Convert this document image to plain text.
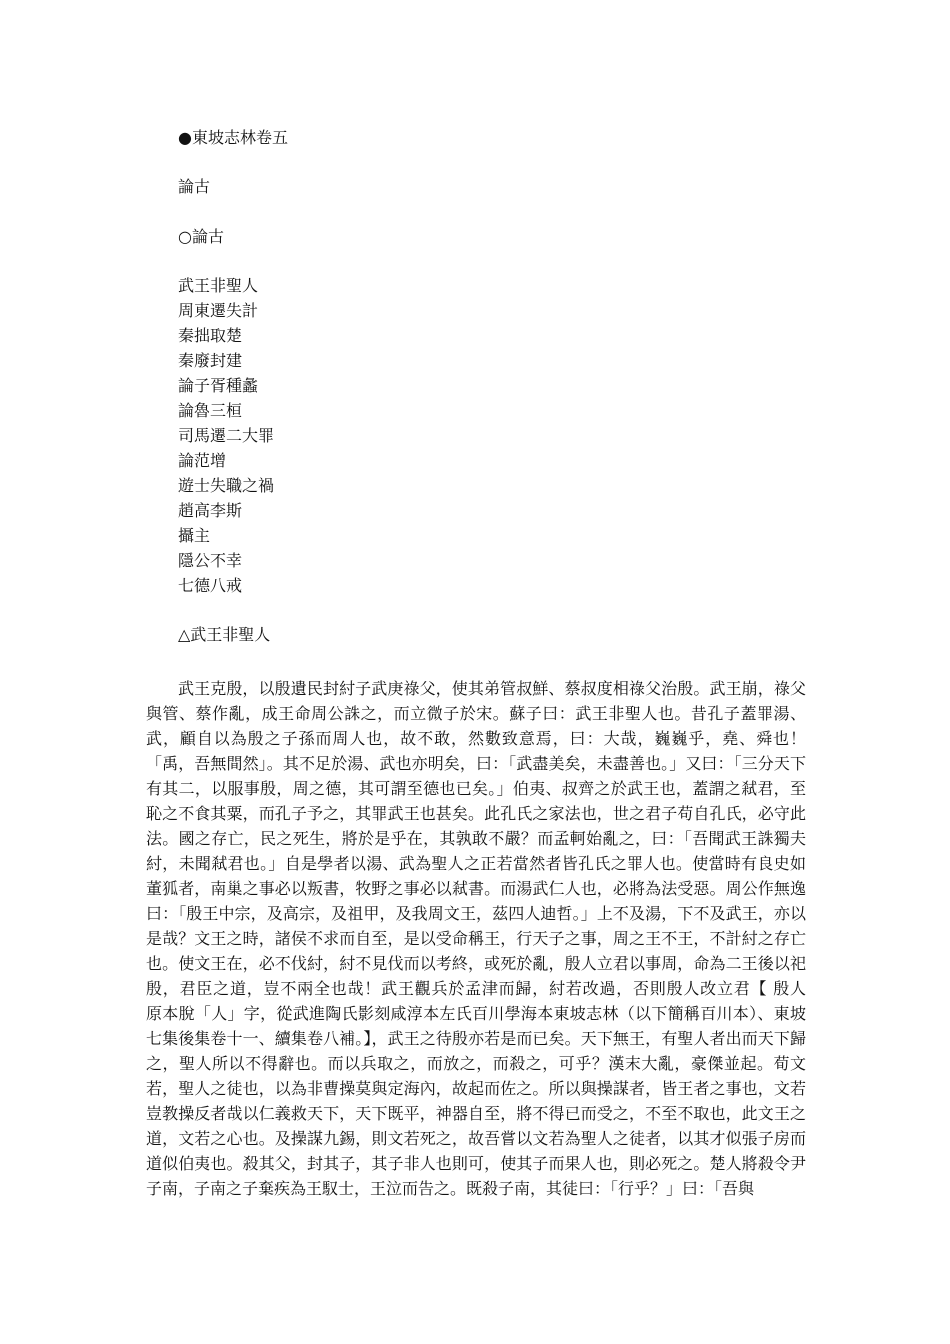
●東坡志林卷五
論古
○論古
武王非聖人
周東遷失計
秦拙取楚
秦廢封建
論子胥種蠡
論魯三桓
司馬遷二大罪
論范增
遊士失職之禍
趙高李斯
攝主
隱公不幸
七德八戒
△武王非聖人

武王克殷，以殷遺民封紂子武庚祿父，使其弟管叔鮮、蔡叔度相祿父治殷。武王崩，祿父與管、蔡作亂，成王命周公誅之，而立微子於宋。蘇子曰：武王非聖人也。昔孔子蓋罪湯、武，顧自以為殷之子孫而周人也，故不敢，然數致意焉，曰：大哉，巍巍乎，堯、舜也！「禹，吾無間然」。其不足於湯、武也亦明矣，曰：「武盡美矣，未盡善也。」又曰：「三分天下有其二，以服事殷，周之德，其可謂至德也已矣。」伯夷、叔齊之於武王也，蓋謂之弒君，至恥之不食其粟，而孔子予之，其罪武王也甚矣。此孔氏之家法也，世之君子苟自孔氏，必守此法。國之存亡，民之死生，將於是乎在，其孰敢不嚴？而孟軻始亂之，曰：「吾聞武王誅獨夫紂，未聞弒君也。」自是學者以湯、武為聖人之正若當然者皆孔氏之罪人也。使當時有良史如董狐者，南巢之事必以叛書，牧野之事必以弒書。而湯武仁人也，必將為法受惡。周公作無逸曰：「殷王中宗，及高宗，及祖甲，及我周文王，茲四人迪哲。」上不及湯，下不及武王，亦以是哉？文王之時，諸侯不求而自至，是以受命稱王，行天子之事，周之王不王，不計紂之存亡也。使文王在，必不伐紂，紂不見伐而以考終，或死於亂，殷人立君以事周，命為二王後以祀殷，君臣之道，豈不兩全也哉！武王觀兵於孟津而歸，紂若改過，否則殷人改立君【 殷人　原本脫「人」字，從武進陶氏影刻咸淳本左氏百川學海本東坡志林（以下簡稱百川本）、東坡七集後集卷十一、續集卷八補。】，武王之待殷亦若是而已矣。天下無王，有聖人者出而天下歸之，聖人所以不得辭也。而以兵取之，而放之，而殺之，可乎？漢末大亂，豪傑並起。荀文若，聖人之徒也，以為非曹操莫與定海內，故起而佐之。所以與操謀者，皆王者之事也，文若豈教操反者哉以仁義救天下，天下既平，神器自至，將不得已而受之，不至不取也，此文王之道，文若之心也。及操謀九錫，則文若死之，故吾嘗以文若為聖人之徒者，以其才似張子房而道似伯夷也。殺其父，封其子，其子非人也則可，使其子而果人也，則必死之。楚人將殺令尹子南，子南之子棄疾為王馭士，王泣而告之。既殺子南，其徒曰：「行乎？」曰：「吾與
